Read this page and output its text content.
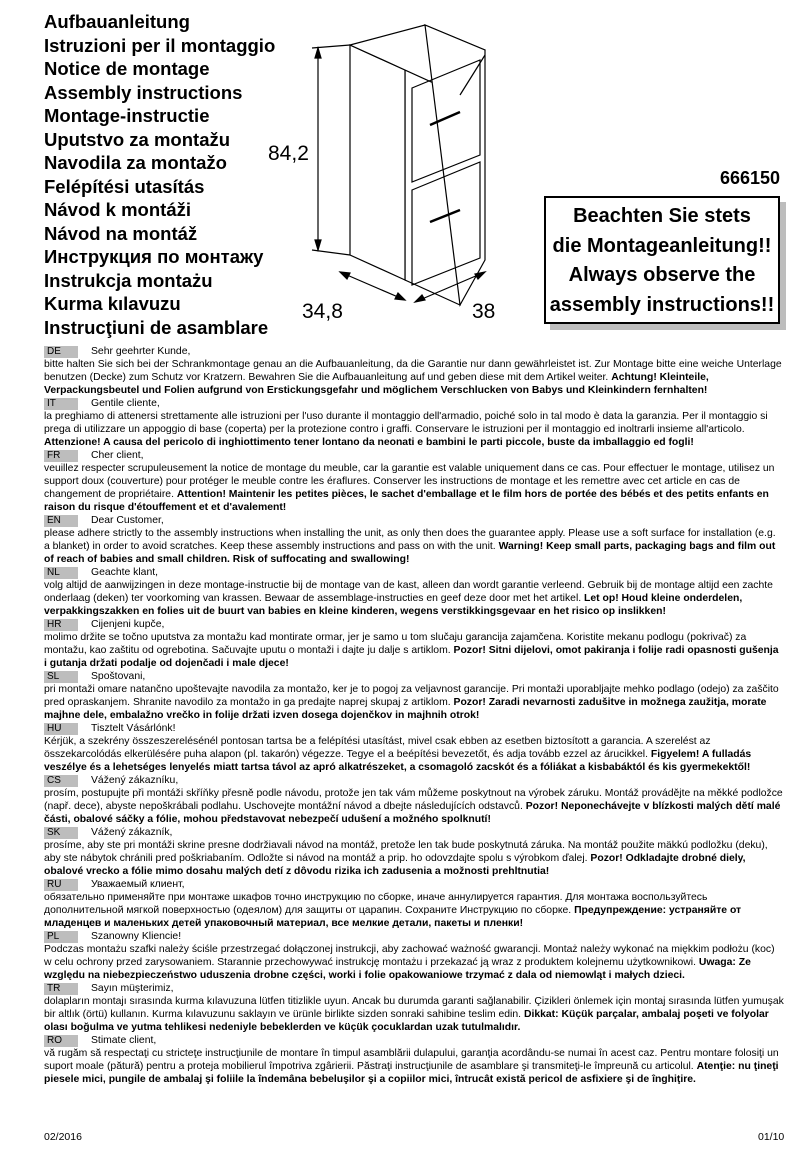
Aufbauanleitung
Istruzioni per il montaggio
Notice de montage
Assembly instructions
Montage-instructie
Uputstvo za montažu
Navodila za montažo
Felépítési utasítás
Návod k montáži
Návod na montáž
Инструкция по монтажу
Instrukcja montażu
Kurma kılavuzu
Instrucţiuni de asamblare
84,2
34,8	38
666150
Beachten Sie stets
die Montageanleitung!!
Always observe the
assembly instructions!!
DE	Sehr geehrter Kunde,

bitte halten Sie sich bei der Schrankmontage genau an die Aufbauanleitung, da die Garantie nur dann gewährleistet ist. Zur Montage bitte eine weiche Unterlage benutzen (Decke) zum Schutz vor Kratzern. Bewahren Sie die Aufbauanleitung auf und geben diese mit dem Artikel weiter. Achtung! Kleinteile, Verpackungsbeutel und Folien aufgrund von Erstickungsgefahr und möglichem Verschlucken von Babys und Kleinkindern fernhalten!

IT	Gentile cliente,

la preghiamo di attenersi strettamente alle istruzioni per l'uso durante il montaggio dell'armadio, poiché solo in tal modo è data la garanzia. Per il montaggio si prega di utilizzare un appoggio di base (coperta) per la protezione contro i graffi. Conservare le istruzioni per il montaggio ed inoltrarli insieme all'articolo. Attenzione! A causa del pericolo di inghiottimento tener lontano da neonati e bambini le parti piccole, buste da imballaggio ed fogli!

FR	Cher client,

veuillez respecter scrupuleusement la notice de montage du meuble, car la garantie est valable uniquement dans ce cas. Pour effectuer le montage, utilisez un support doux (couverture) pour protéger le meuble contre les éraflures. Conserver les instructions de montage et les remettre avec cet article en cas de changement de propriétaire. Attention! Maintenir les petites pièces, le sachet d'emballage et le film hors de portée des bébés et des petits enfants en raison du risque d'étouffement et et d'avalement!

EN	Dear Customer,

please adhere strictly to the assembly instructions when installing the unit, as only then does the guarantee apply. Please use a soft surface for installation (e.g. a blanket) in order to avoid scratches. Keep these assembly instructions and pass on with the unit. Warning! Keep small parts, packaging bags and film out of reach of babies and small children. Risk of suffocating and swallowing!

NL	Geachte klant,

volg altijd de aanwijzingen in deze montage-instructie bij de montage van de kast, alleen dan wordt garantie verleend. Gebruik bij de montage altijd een zachte onderlaag (deken) ter voorkoming van krassen. Bewaar de assemblage-instructies en geef deze door met het artikel. Let op! Houd kleine onderdelen, verpakkingszakken en folies uit de buurt van babies en kleine kinderen, wegens verstikkingsgevaar en het risico op inslikken!

HR	Cijenjeni kupče,

molimo držite se točno uputstva za montažu kad montirate ormar, jer je samo u tom slučaju garancija zajamčena. Koristite mekanu podlogu (pokrivač) za montažu, kao zaštitu od ogrebotina. Sačuvajte uputu o montaži i dajte ju dalje s artiklom. Pozor! Sitni dijelovi, omot pakiranja i folije radi opasnosti gušenja i gutanja držati podalje od dojenčadi i male djece!

SL	Spoštovani,

pri montaži omare natančno upoštevajte navodila za montažo, ker je to pogoj za veljavnost garancije. Pri montaži uporabljajte mehko podlago (odejo) za zaščito pred opraskanjem. Shranite navodilo za montažo in ga predajte naprej skupaj z artiklom. Pozor! Zaradi nevarnosti zadušitve in možnega zaužitja, morate majhne dele, embalažno vrečko in folije držati izven dosega dojenčkov in majhnih otrok!

HU	Tisztelt Vásárlónk!

Kérjük, a szekrény összeszerelésénél pontosan tartsa be a felépítési utasítást, mivel csak ebben az esetben biztosított a garancia. A szerelést az összekarcolódás elkerülésére puha alapon (pl. takarón) végezze. Tegye el a beépítési bevezetőt, és adja tovább ezzel az árucikkel. Figyelem! A fulladás veszélye és a lehetséges lenyelés miatt tartsa távol az apró alkatrészeket, a csomagoló zacskót és a fóliákat a kisbabáktól és kis gyermekektől!

CS	Vážený zákazníku,

prosím, postupujte při montáži skříňky přesně podle návodu, protože jen tak vám můžeme poskytnout na výrobek záruku. Montáž provádějte na měkké podložce (např. dece), abyste nepoškrábali podlahu. Uschovejte montážní návod a dbejte následujících odstavců. Pozor! Neponechávejte v blízkosti malých dětí malé části, obalové sáčky a fólie, mohou představovat nebezpečí udušení a možného spolknutí!

SK	Vážený zákazník,

prosíme, aby ste pri montáži skrine presne dodržiavali návod na montáž, pretože len tak bude poskytnutá záruka. Na montáž použite mäkkú podložku (deku), aby ste nábytok chránili pred poškriabaním. Odložte si návod na montáž a prip. ho odovzdajte spolu s výrobkom ďalej. Pozor! Odkladajte drobné diely, obalové vrecko a fólie mimo dosahu malých detí z dôvodu rizika ich zadusenia a možnosti prehltnutia!

RU	Уважаемый клиент,

обязательно применяйте при монтаже шкафов точно инструкцию по сборке, иначе аннулируется гарантия. Для монтажа воспользуйтесь дополнительной мягкой поверхностью (одеялом) для защиты от царапин. Сохраните Инструкцию по сборке. Предупреждение: устраняйте от младенцев и маленьких детей упаковочный материал, все мелкие детали, пакеты и пленки!

PL	Szanowny Kliencie!

Podczas montażu szafki należy ściśle przestrzegać dołączonej instrukcji, aby zachować ważność gwarancji. Montaż należy wykonać na miękkim podłożu (koc) w celu ochrony przed zarysowaniem. Starannie przechowywać instrukcję montażu i przekazać ją wraz z produktem kolejnemu użytkownikowi. Uwaga: Ze względu na niebezpieczeństwo uduszenia drobne części, worki i folie opakowaniowe trzymać z dala od niemowląt i małych dzieci.

TR	Sayın müşterimiz,

dolapların montajı sırasında kurma kılavuzuna lütfen titizlikle uyun. Ancak bu durumda garanti sağlanabilir. Çizikleri önlemek için montaj sırasında lütfen yumuşak bir altlık (örtü) kullanın. Kurma kılavuzunu saklayın ve ürünle birlikte sizden sonraki sahibine teslim edin. Dikkat: Küçük parçalar, ambalaj poşeti ve folyolar olası boğulma ve yutma tehlikesi nedeniyle bebeklerden ve küçük çocuklardan uzak tutulmalıdır.

RO	Stimate client,

vă rugăm să respectaţi cu stricteţe instrucţiunile de montare în timpul asamblării dulapului, garanţia acordându-se numai în acest caz. Pentru montare folosiţi un suport moale (pătură) pentru a proteja mobilierul împotriva zgârierii. Păstraţi instrucţiunile de asamblare şi transmiteţi-le împreună cu articolul. Atenţie: nu ţineţi piesele mici, pungile de ambalaj şi foliile la îndemâna bebeluşilor şi a copiilor mici, întrucât există pericol de asfixiere şi de înghiţire.

02/2016	01/10
